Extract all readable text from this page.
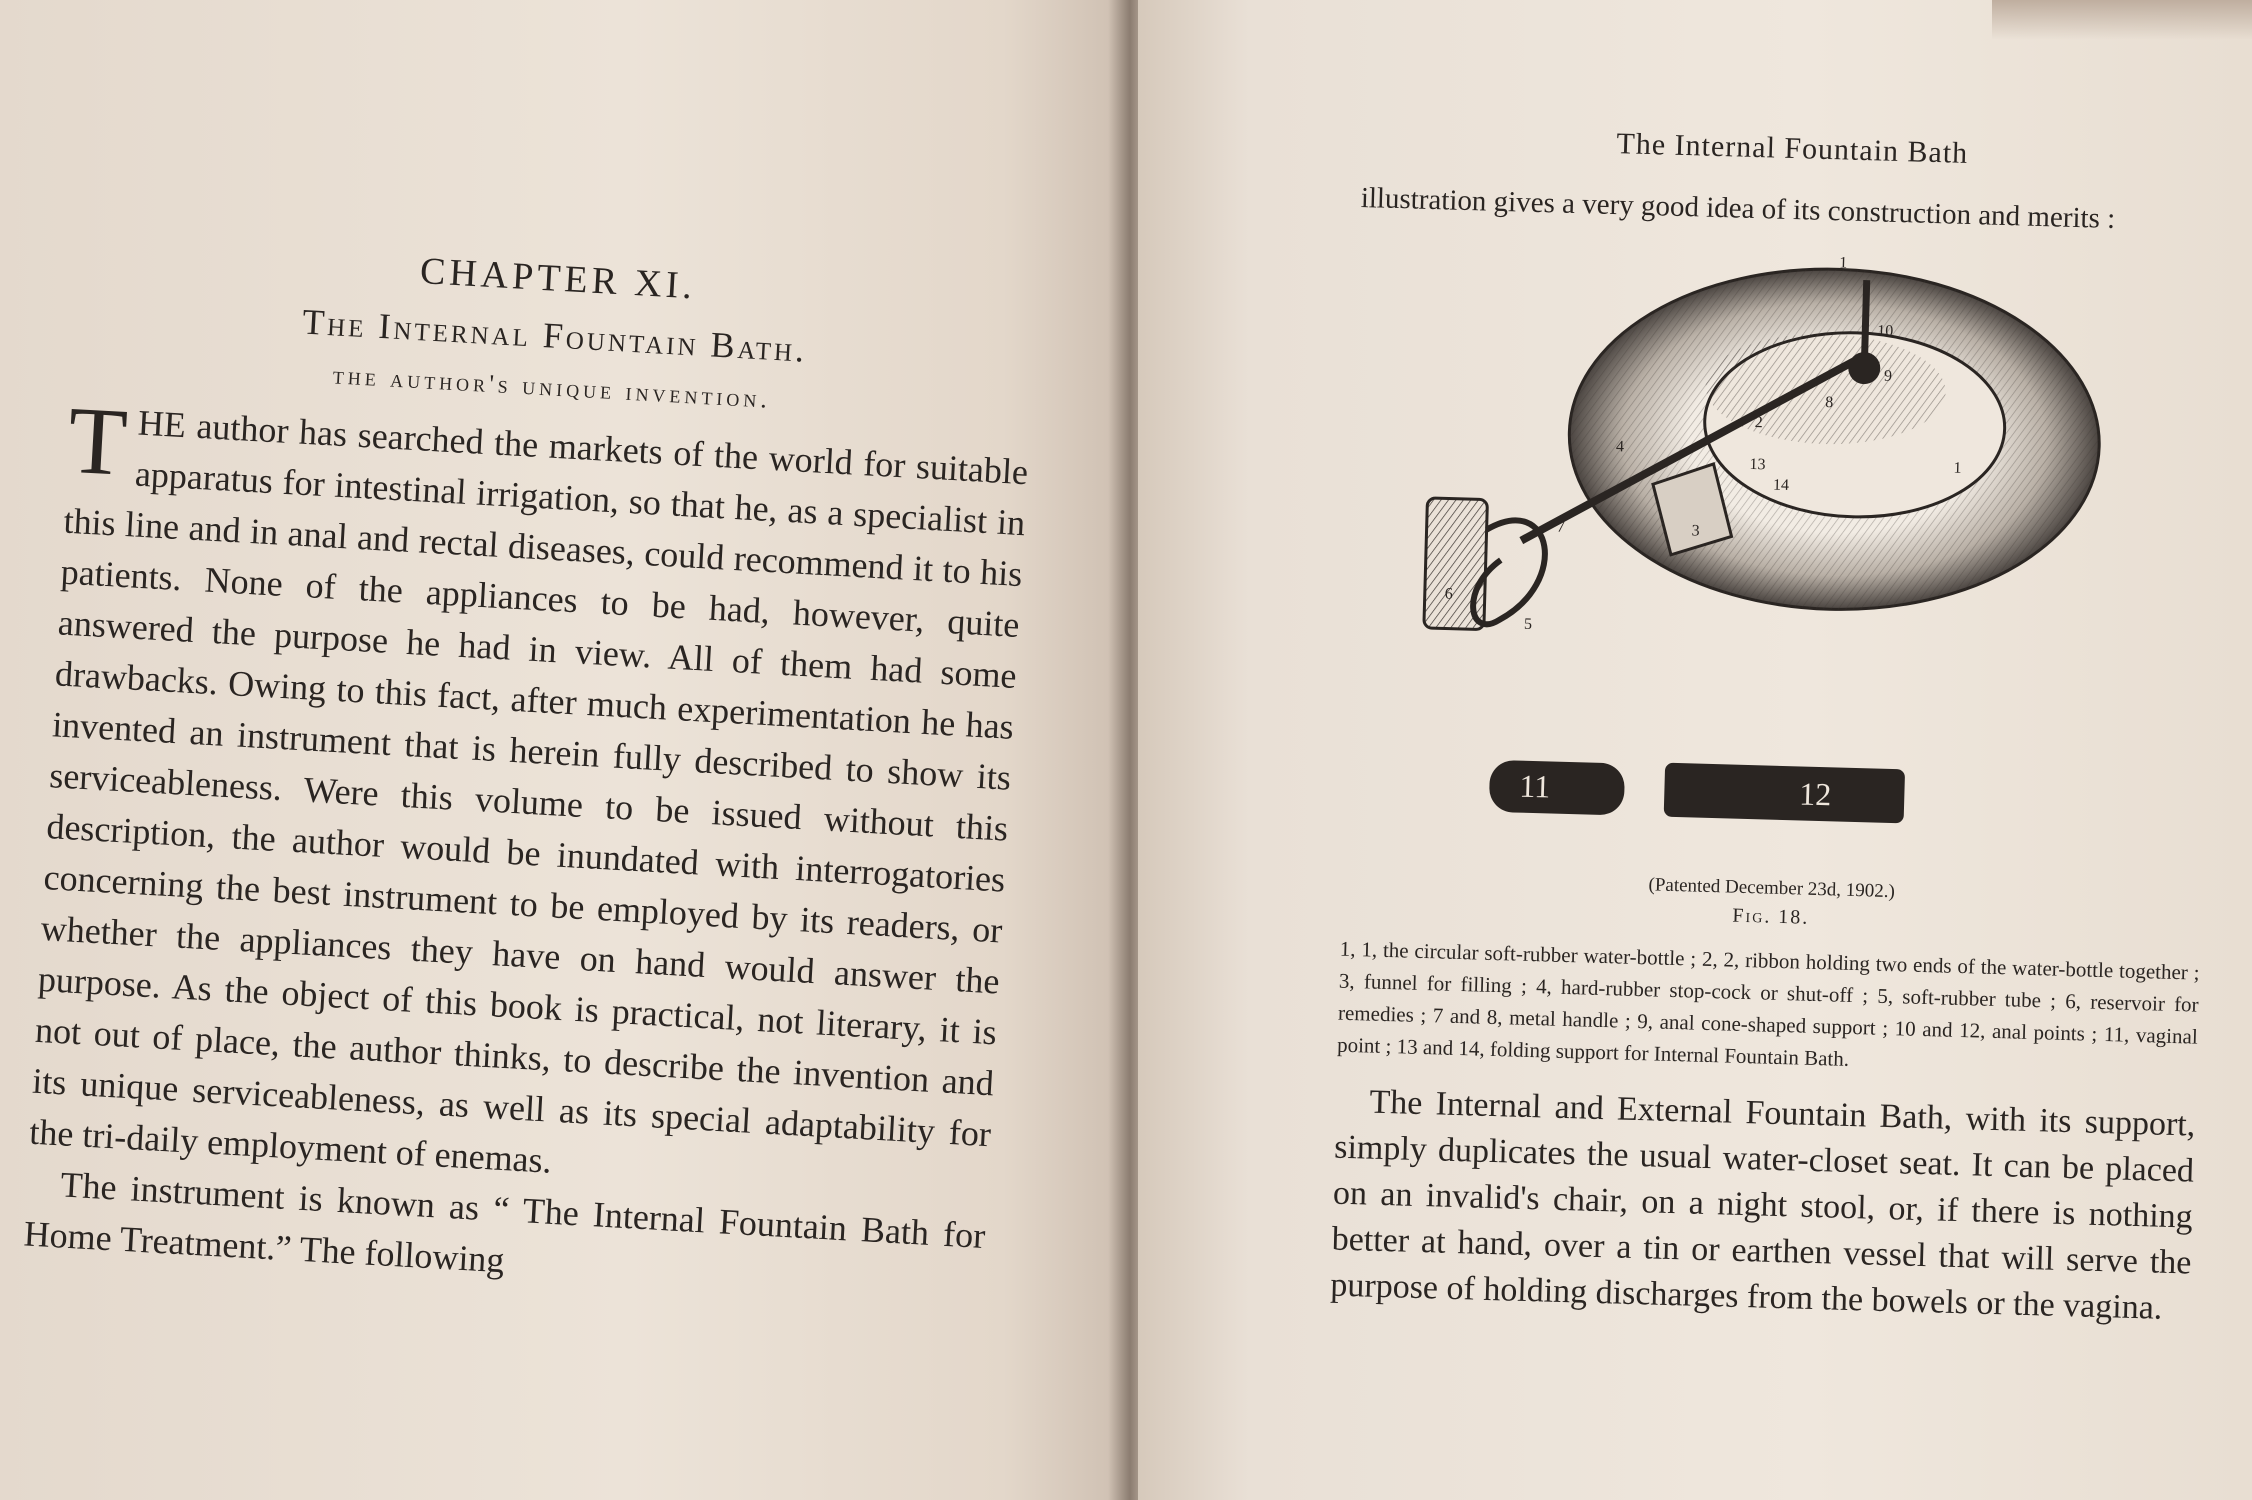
CHAPTER XI.
The Internal Fountain Bath.
the author's unique invention.

THE author has searched the markets of the world for suitable apparatus for intestinal irrigation, so that he, as a specialist in this line and in anal and rectal diseases, could recommend it to his patients. None of the appliances to be had, however, quite answered the purpose he had in view. All of them had some drawbacks. Owing to this fact, after much experimentation he has invented an instrument that is herein fully described to show its serviceableness. Were this volume to be issued without this description, the author would be inundated with interrogatories concerning the best instrument to be employed by its readers, or whether the appliances they have on hand would answer the purpose. As the object of this book is practical, not literary, it is not out of place, the author thinks, to describe the invention and its unique serviceableness, as well as its special adaptability for the tri-daily employment of enemas.

The instrument is known as “ The Internal Fountain Bath for Home Treatment.” The following

The Internal Fountain Bath

illustration gives a very good idea of its construction and merits :

11	12
1
10
9
8
2
4
13
14
1
7	3
6
5
(Patented December 23d, 1902.)
Fig. 18.

1, 1, the circular soft-rubber water-bottle ; 2, 2, ribbon holding two ends of the water-bottle together ; 3, funnel for filling ; 4, hard-rubber stop-cock or shut-off ; 5, soft-rubber tube ; 6, reservoir for remedies ; 7 and 8, metal handle ; 9, anal cone-shaped support ; 10 and 12, anal points ; 11, vaginal point ; 13 and 14, folding support for Internal Fountain Bath.

The Internal and External Fountain Bath, with its support, simply duplicates the usual water-closet seat. It can be placed on an invalid's chair, on a night stool, or, if there is nothing better at hand, over a tin or earthen vessel that will serve the purpose of holding discharges from the bowels or the vagina.
